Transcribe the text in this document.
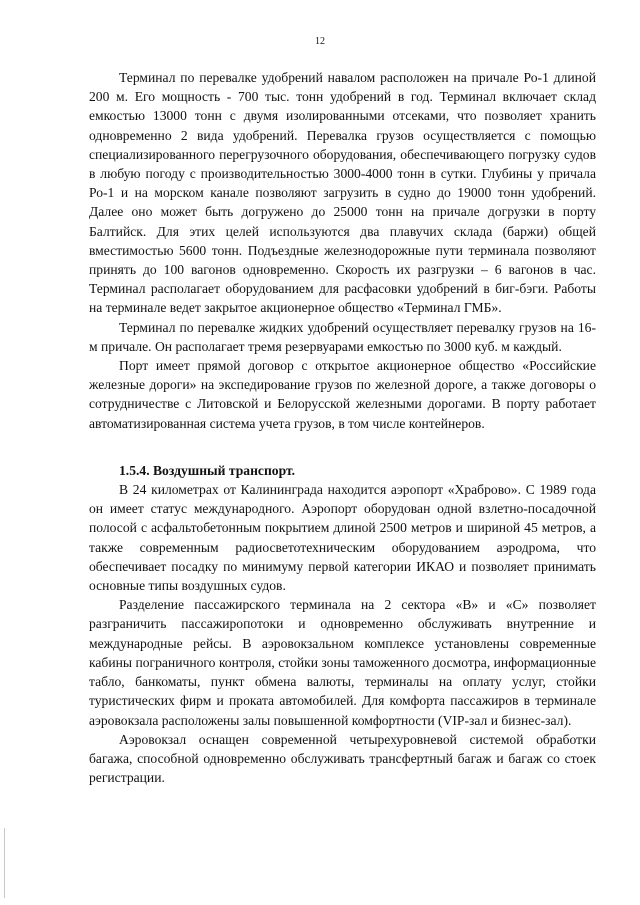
12

Терминал по перевалке удобрений навалом расположен на причале Ро-1 длиной 200 м. Его мощность - 700 тыс. тонн удобрений в год. Терминал включает склад емкостью 13000 тонн с двумя изолированными отсеками, что позволяет хранить одновременно 2 вида удобрений. Перевалка грузов осуществляется с помощью специализированного перегрузочного оборудования, обеспечивающего погрузку судов в любую погоду с производительностью 3000-4000 тонн в сутки. Глубины у причала Ро-1 и на морском канале позволяют загрузить в судно до 19000 тонн удобрений. Далее оно может быть догружено до 25000 тонн на причале догрузки в порту Балтийск. Для этих целей используются два плавучих склада (баржи) общей вместимостью 5600 тонн. Подъездные железнодорожные пути терминала позволяют принять до 100 вагонов одновременно. Скорость их разгрузки – 6 вагонов в час. Терминал располагает оборудованием для расфасовки удобрений в биг-бэги. Работы на терминале ведет закрытое акционерное общество «Терминал ГМБ».

Терминал по перевалке жидких удобрений осуществляет перевалку грузов на 16-м причале. Он располагает тремя резервуарами емкостью по 3000 куб. м каждый.

Порт имеет прямой договор с открытое акционерное общество «Российские железные дороги» на экспедирование грузов по железной дороге, а также договоры о сотрудничестве с Литовской и Белорусской железными дорогами. В порту работает автоматизированная система учета грузов, в том числе контейнеров.

1.5.4. Воздушный транспорт.

В 24 километрах от Калининграда находится аэропорт «Храброво». С 1989 года он имеет статус международного. Аэропорт оборудован одной взлетно-посадочной полосой с асфальтобетонным покрытием длиной 2500 метров и шириной 45 метров, а также современным радиосветотехническим оборудованием аэродрома, что обеспечивает посадку по минимуму первой категории ИКАО и позволяет принимать основные типы воздушных судов.

Разделение пассажирского терминала на 2 сектора «В» и «С» позволяет разграничить пассажиропотоки и одновременно обслуживать внутренние и международные рейсы. В аэровокзальном комплексе установлены современные кабины пограничного контроля, стойки зоны таможенного досмотра, информационные табло, банкоматы, пункт обмена валюты, терминалы на оплату услуг, стойки туристических фирм и проката автомобилей. Для комфорта пассажиров в терминале аэровокзала расположены залы повышенной комфортности (VIP-зал и бизнес-зал).

Аэровокзал оснащен современной четырехуровневой системой обработки багажа, способной одновременно обслуживать трансфертный багаж и багаж со стоек регистрации.
